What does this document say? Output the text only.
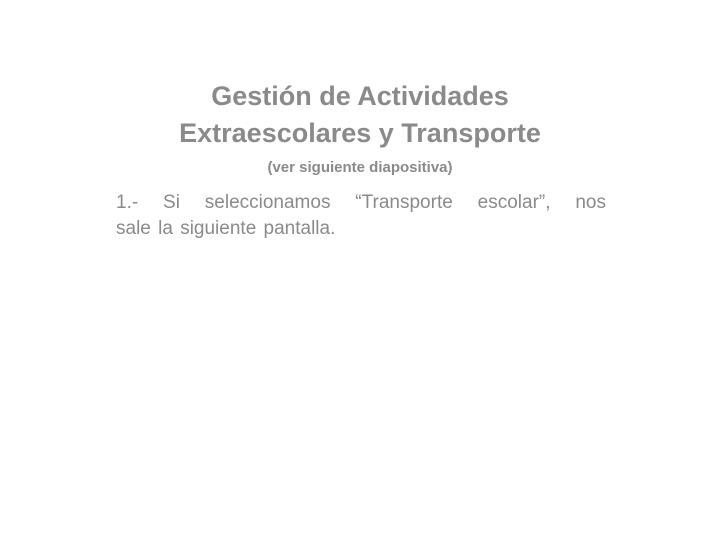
Gestión de Actividades
Extraescolares y Transporte
(ver siguiente diapositiva)
1.- Si seleccionamos “Transporte escolar”, nos
sale la siguiente pantalla.
